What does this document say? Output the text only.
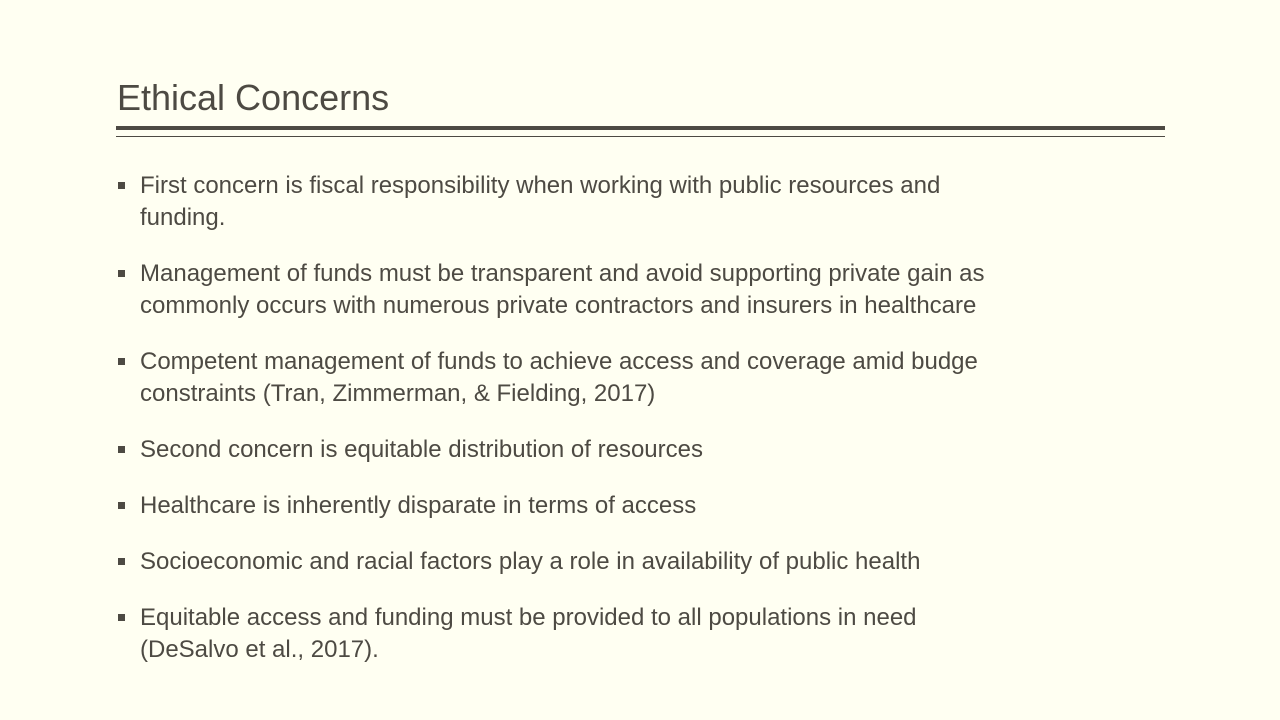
Ethical Concerns
First concern is fiscal responsibility when working with public resources and
funding.
Management of funds must be transparent and avoid supporting private gain as
commonly occurs with numerous private contractors and insurers in healthcare
Competent management of funds to achieve access and coverage amid budge
constraints (Tran, Zimmerman, & Fielding, 2017)
Second concern is equitable distribution of resources
Healthcare is inherently disparate in terms of access
Socioeconomic and racial factors play a role in availability of public health
Equitable access and funding must be provided to all populations in need
(DeSalvo et al., 2017).
